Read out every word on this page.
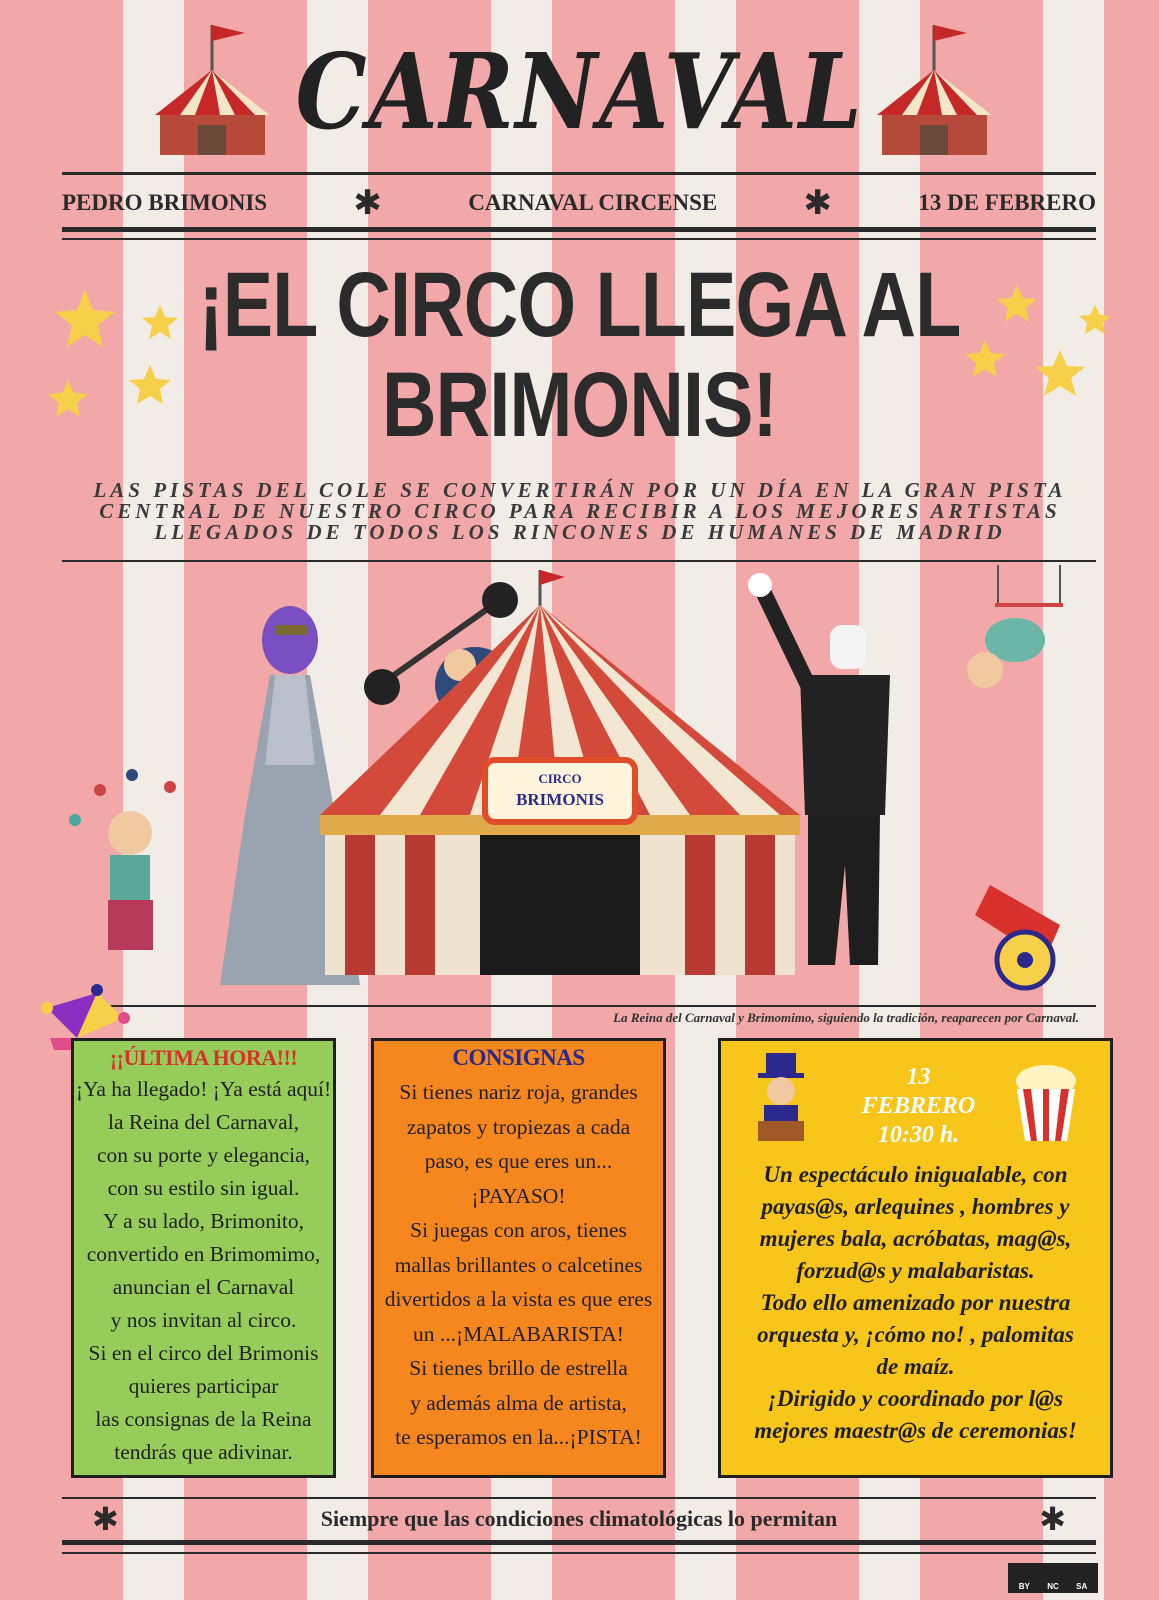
CARNAVAL
PEDRO BRIMONIS	✱	CARNAVAL CIRCENSE	✱	13 DE FEBRERO
¡EL CIRCO LLEGA AL
BRIMONIS!
LAS PISTAS DEL COLE SE CONVERTIRÁN POR UN DÍA EN LA GRAN PISTA
CENTRAL DE NUESTRO CIRCO PARA RECIBIR A LOS MEJORES ARTISTAS
LLEGADOS DE TODOS LOS RINCONES DE HUMANES DE MADRID
CIRCO
BRIMONIS
La Reina del Carnaval y Brimomimo, siguiendo la tradición, reaparecen por Carnaval.
¡¡ÚLTIMA HORA!!!
¡Ya ha llegado! ¡Ya está aquí!
la Reina del Carnaval,
con su porte y elegancia,
con su estilo sin igual.
Y a su lado, Brimonito,
convertido en Brimomimo,
anuncian el Carnaval
y nos invitan al circo.
Si en el circo del Brimonis
quieres participar
las consignas de la Reina
tendrás que adivinar.
CONSIGNAS
Si tienes nariz roja, grandes
zapatos y tropiezas a cada
paso, es que eres un...
¡PAYASO!
Si juegas con aros, tienes
mallas brillantes o calcetines
divertidos a la vista es que eres
un ...¡MALABARISTA!
Si tienes brillo de estrella
y además alma de artista,
te esperamos en la...¡PISTA!
13
FEBRERO
10:30 h.
Un espectáculo inigualable, con
payas@s, arlequines , hombres y
mujeres bala, acróbatas, mag@s,
forzud@s y malabaristas.
Todo ello amenizado por nuestra
orquesta y, ¡cómo no! , palomitas
de maíz.
¡Dirigido y coordinado por l@s
mejores maestr@s de ceremonias!
✱	Siempre que las condiciones climatológicas lo permitan	✱
BY NC SA
